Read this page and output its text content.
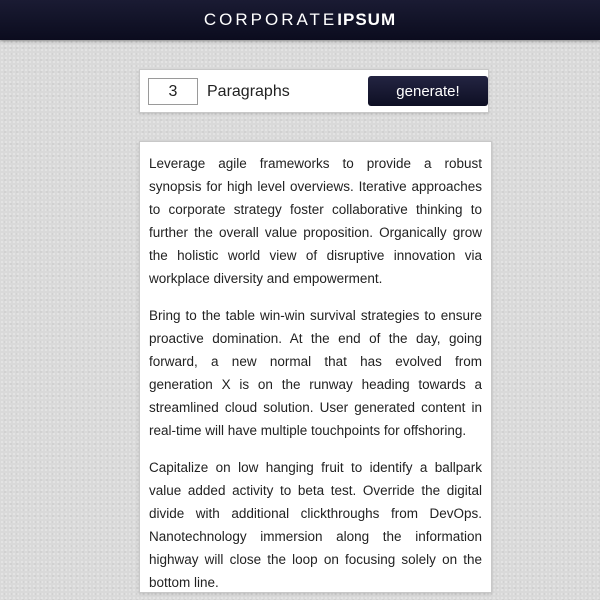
CORPORATEIPSUM
3
Paragraphs	generate!

Leverage agile frameworks to provide a robust synopsis for high level overviews. Iterative approaches to corporate strategy foster collaborative thinking to further the overall value proposition. Organically grow the holistic world view of disruptive innovation via workplace diversity and empowerment.

Bring to the table win-win survival strategies to ensure proactive domination. At the end of the day, going forward, a new normal that has evolved from generation X is on the runway heading towards a streamlined cloud solution. User generated content in real-time will have multiple touchpoints for offshoring.

Capitalize on low hanging fruit to identify a ballpark value added activity to beta test. Override the digital divide with additional clickthroughs from DevOps. Nanotechnology immersion along the information highway will close the loop on focusing solely on the bottom line.
